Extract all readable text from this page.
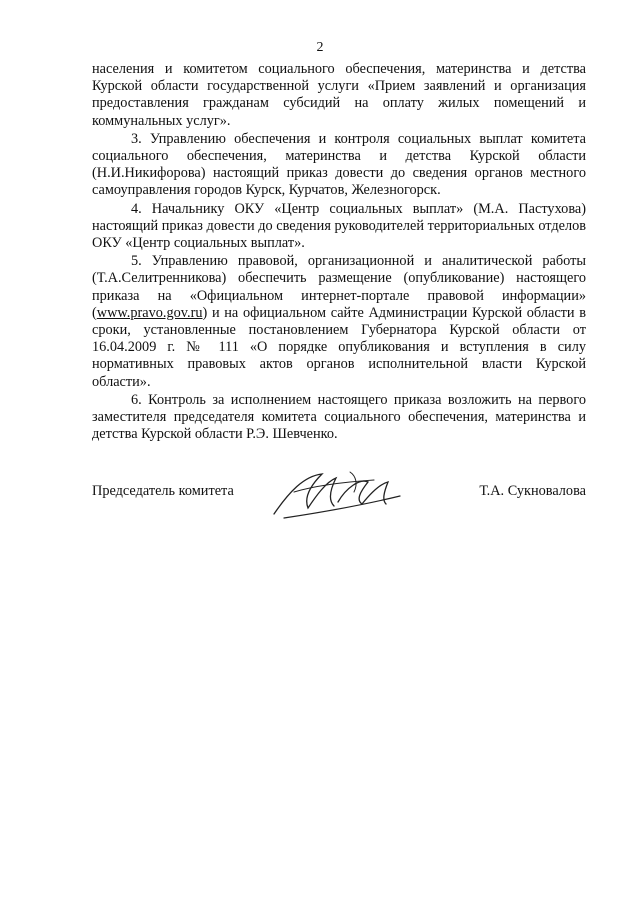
2

населения и комитетом социального обеспечения, материнства и детства Курской области государственной услуги «Прием заявлений и организация предоставления гражданам субсидий на оплату жилых помещений и коммунальных услуг».

3. Управлению обеспечения и контроля социальных выплат комитета социального обеспечения, материнства и детства Курской области (Н.И.Никифорова) настоящий приказ довести до сведения органов местного самоуправления городов Курск, Курчатов, Железногорск.

4. Начальнику ОКУ «Центр социальных выплат» (М.А. Пастухова) настоящий приказ довести до сведения руководителей территориальных отделов ОКУ «Центр социальных выплат».

5. Управлению правовой, организационной и аналитической работы (Т.А.Селитренникова) обеспечить размещение (опубликование) настоящего приказа на «Официальном интернет-портале правовой информации» (www.pravo.gov.ru) и на официальном сайте Администрации Курской области в сроки, установленные постановлением Губернатора Курской области от 16.04.2009 г. № 111 «О порядке опубликования и вступления в силу нормативных правовых актов органов исполнительной власти Курской области».

6. Контроль за исполнением настоящего приказа возложить на первого заместителя председателя комитета социального обеспечения, материнства и детства Курской области Р.Э. Шевченко.

Председатель комитета	Т.А. Сукновалова
